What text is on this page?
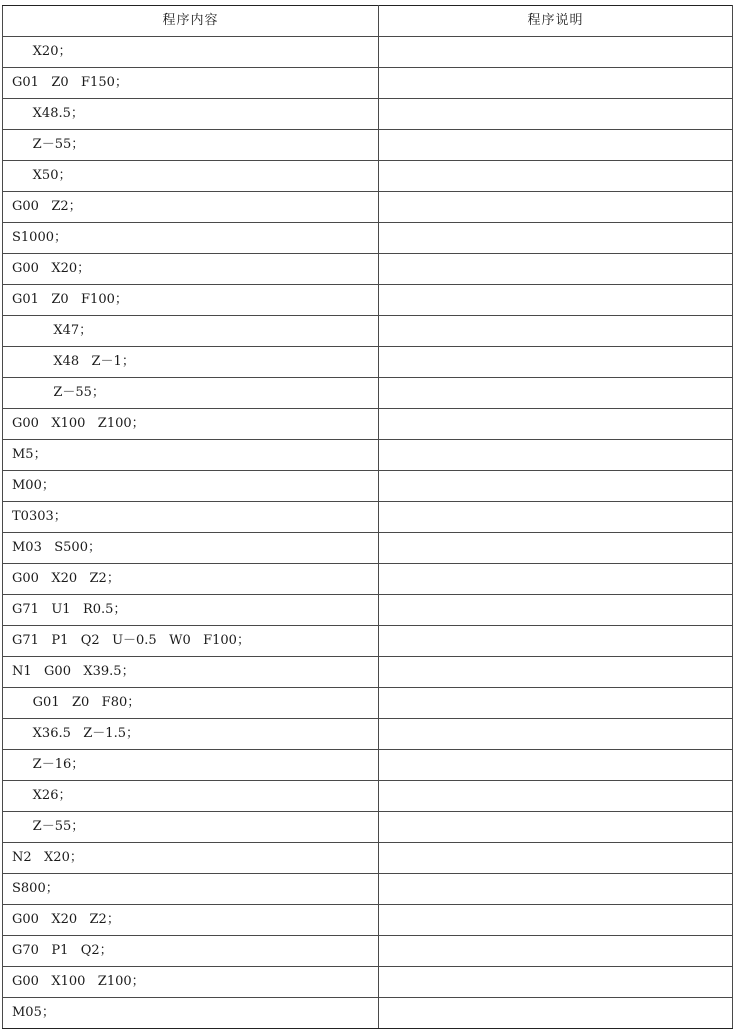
程序内容	程序说明
X20；	
G01   Z0   F150；	
X48.5；	
Z－55；	
X50；	
G00   Z2；	
S1000；	
G00   X20；	
G01   Z0   F100；	
X47；	
X48   Z－1；	
Z－55；	
G00   X100   Z100；	
M5；	
M00；	
T0303；	
M03   S500；	
G00   X20   Z2；	
G71   U1   R0.5；	
G71   P1   Q2   U－0.5   W0   F100；	
N1   G00   X39.5；	
G01   Z0   F80；	
X36.5   Z－1.5；	
Z－16；	
X26；	
Z－55；	
N2   X20；	
S800；	
G00   X20   Z2；	
G70   P1   Q2；	
G00   X100   Z100；	
M05；	
